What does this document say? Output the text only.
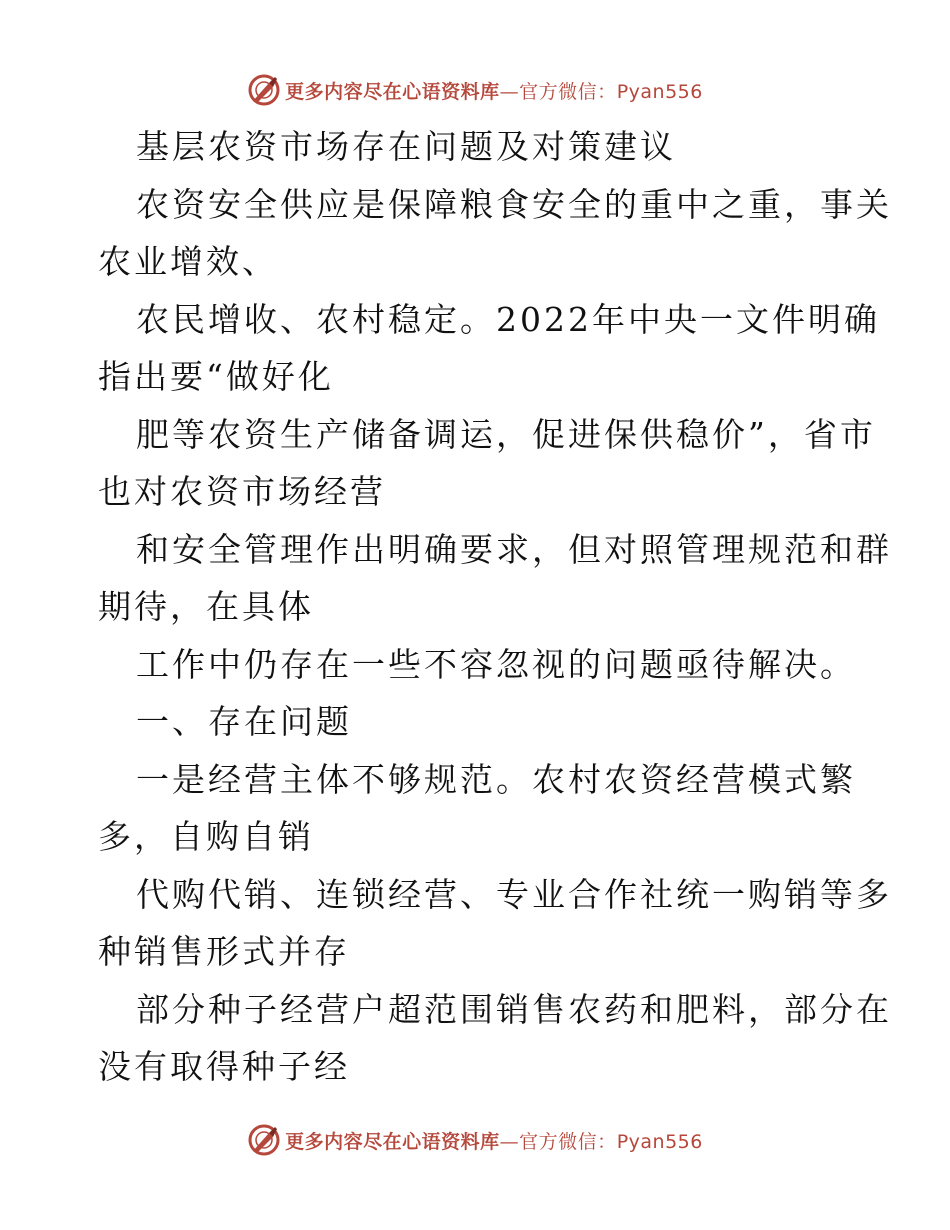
更多内容尽在心语资料库—官方微信：Pyan556
基层农资市场存在问题及对策建议
农资安全供应是保障粮食安全的重中之重，事关
农业增效、
农民增收、农村稳定。2022年中央一文件明确
指出要“做好化
肥等农资生产储备调运，促进保供稳价”，省市
也对农资市场经营
和安全管理作出明确要求，但对照管理规范和群
期待，在具体
工作中仍存在一些不容忽视的问题亟待解决。
一、存在问题
一是经营主体不够规范。农村农资经营模式繁
多，自购自销
代购代销、连锁经营、专业合作社统一购销等多
种销售形式并存
部分种子经营户超范围销售农药和肥料，部分在
没有取得种子经
更多内容尽在心语资料库—官方微信：Pyan556
